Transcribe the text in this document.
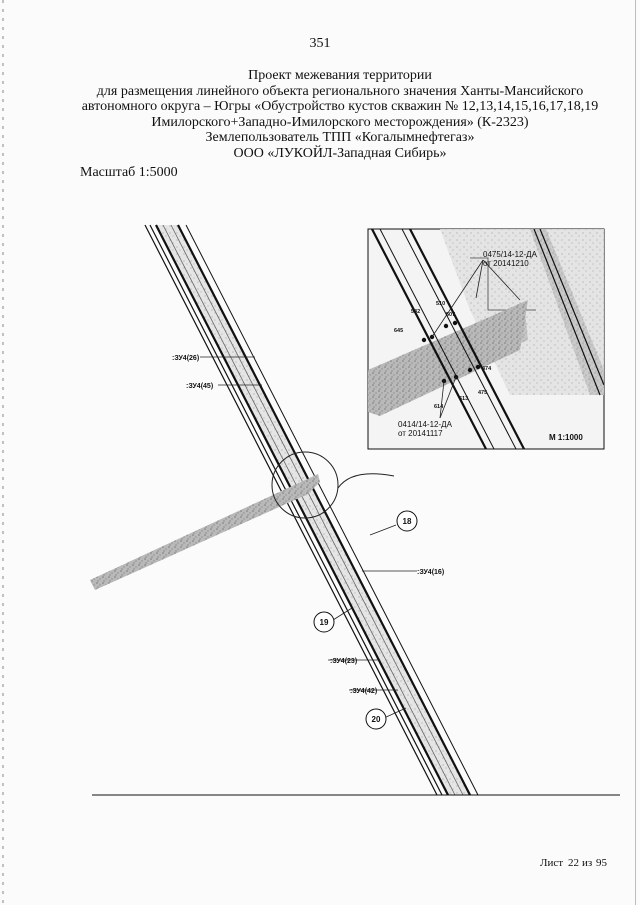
351
Проект межевания территории
для размещения линейного объекта регионального значения Ханты-Мансийского
автономного округа – Югры «Обустройство кустов скважин № 12,13,14,15,16,17,18,19
Имилорского+Западно-Имилорского месторождения» (К-2323)
Землепользователь ТПП «Когалымнефтегаз»
ООО «ЛУКОЙЛ-Западная Сибирь»
Масштаб 1:5000
:ЗУ4(26)
:ЗУ4(45)
:ЗУ4(16)
:ЗУ4(23)
:ЗУ4(42)
18
19
20
0475/14-12-ДА
от 20141210
0414/14-12-ДА
от 20141117
510
507
542
645
474
475
614
613
М 1:1000
Лист 22 из 95
